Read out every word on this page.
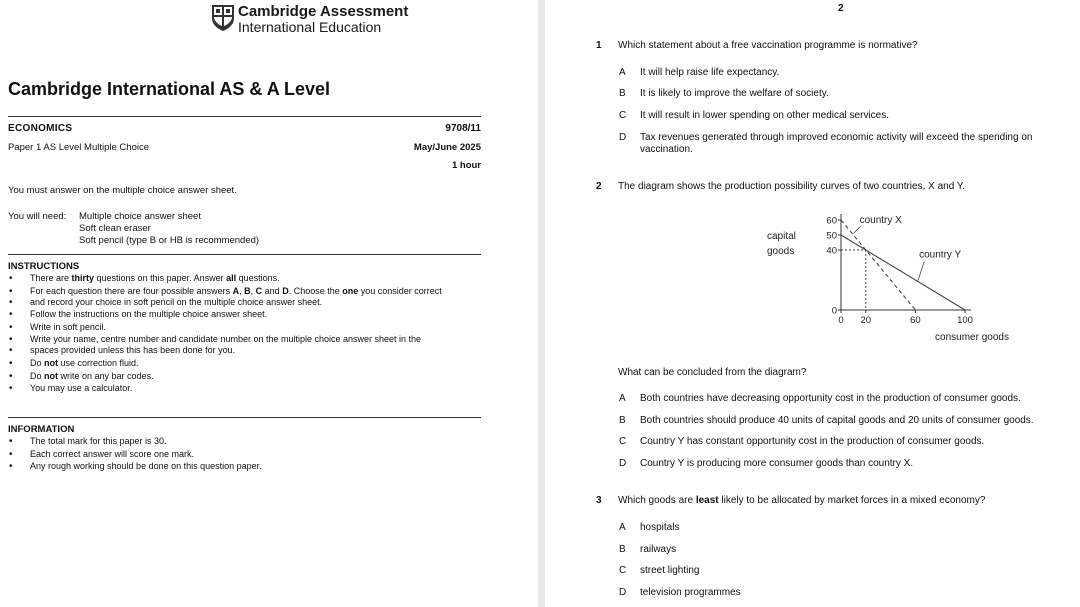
Cambridge Assessment
International Education
Cambridge International AS & A Level
ECONOMICS	9708/11
Paper 1 AS Level Multiple Choice	May/June 2025
1 hour
You must answer on the multiple choice answer sheet.
You will need: Multiple choice answer sheet
Soft clean eraser
Soft pencil (type B or HB is recommended)
INSTRUCTIONS
• There are thirty questions on this paper. Answer all questions.
• For each question there are four possible answers A, B, C and D. Choose the one you consider correct
• and record your choice in soft pencil on the multiple choice answer sheet.
• Follow the instructions on the multiple choice answer sheet.
• Write in soft pencil.
• Write your name, centre number and candidate number on the multiple choice answer sheet in the
• spaces provided unless this has been done for you.
• Do not use correction fluid.
• Do not write on any bar codes.
• You may use a calculator.
INFORMATION
• The total mark for this paper is 30.
• Each correct answer will score one mark.
• Any rough working should be done on this question paper.
2
1 Which statement about a free vaccination programme is normative?
A It will help raise life expectancy.
B It is likely to improve the welfare of society.
C It will result in lower spending on other medical services.
D Tax revenues generated through improved economic activity will exceed the spending on
vaccination.
2 The diagram shows the production possibility curves of two countries, X and Y.
0
40
50
60
0 20	60	100
country X
country Y
capital
goods
consumer goods
What can be concluded from the diagram?
A Both countries have decreasing opportunity cost in the production of consumer goods.
B Both countries should produce 40 units of capital goods and 20 units of consumer goods.
C Country Y has constant opportunity cost in the production of consumer goods.
D Country Y is producing more consumer goods than country X.
3 Which goods are least likely to be allocated by market forces in a mixed economy?
A hospitals
B railways
C street lighting
D television programmes
